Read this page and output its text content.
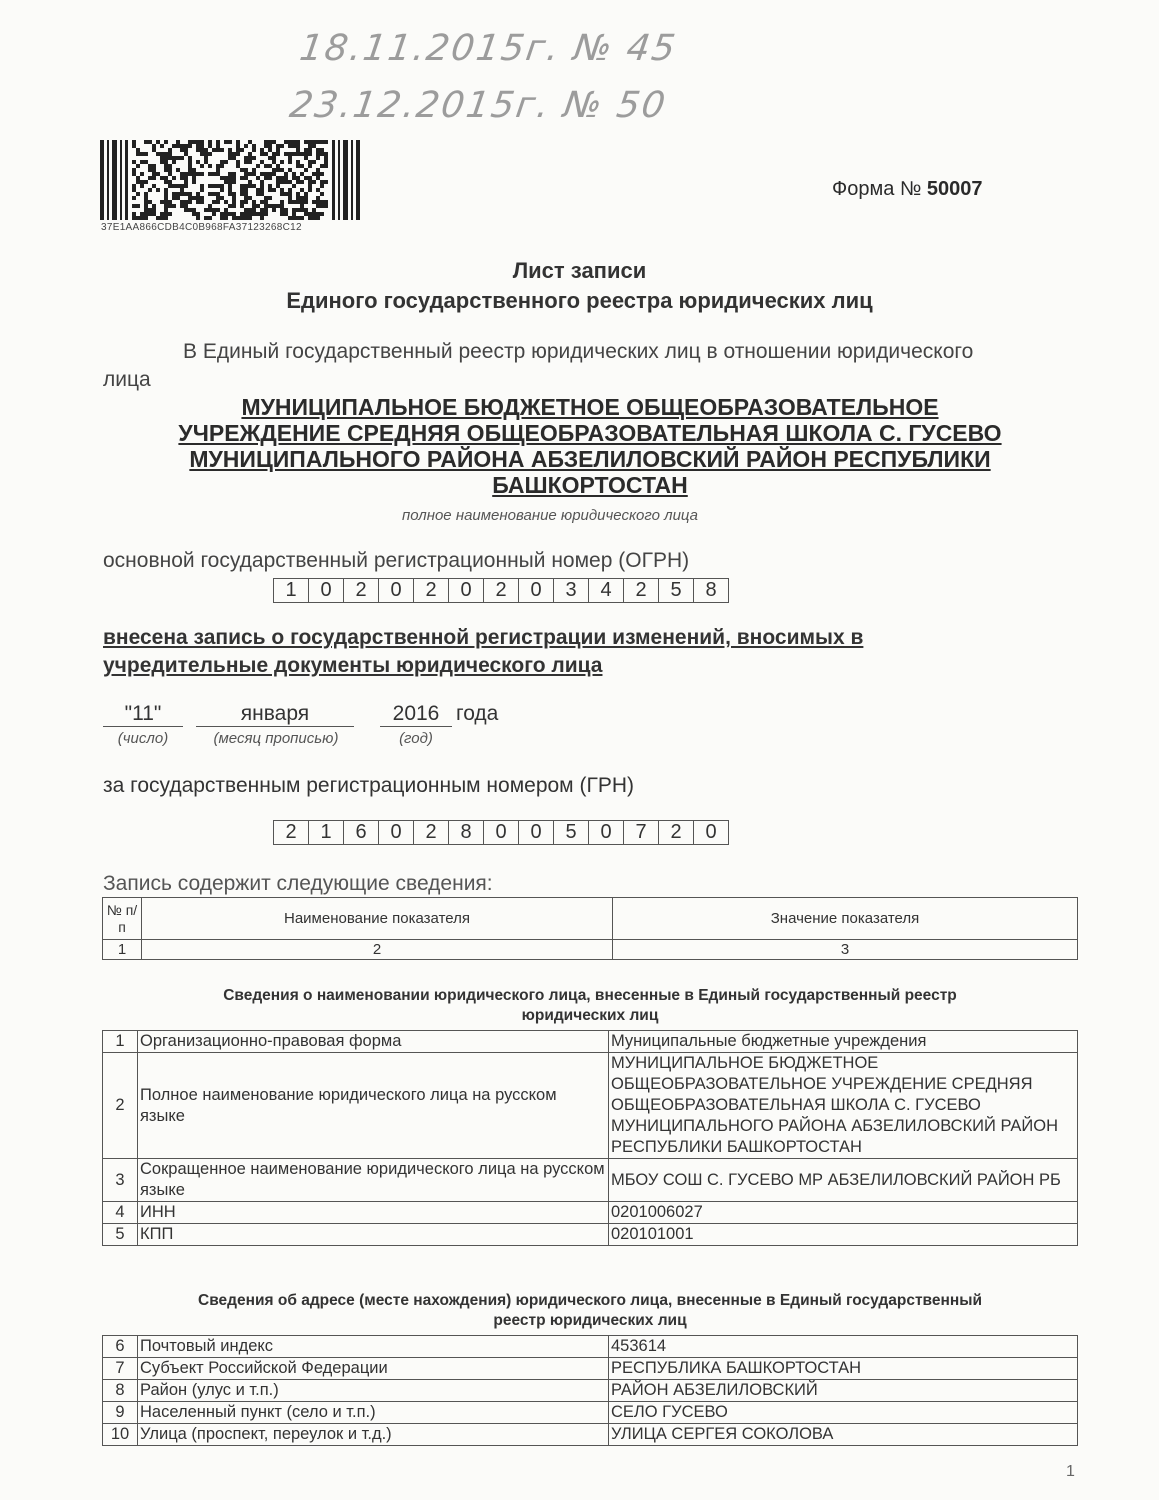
18.11.2015г. № 45
23.12.2015г. № 50
37E1AA866CDB4C0B968FA37123268C12
Форма № 50007
Лист записи
Единого государственного реестра юридических лиц
В Единый государственный реестр юридических лиц в отношении юридического
лица
МУНИЦИПАЛЬНОЕ БЮДЖЕТНОЕ ОБЩЕОБРАЗОВАТЕЛЬНОЕ
УЧРЕЖДЕНИЕ СРЕДНЯЯ ОБЩЕОБРАЗОВАТЕЛЬНАЯ ШКОЛА С. ГУСЕВО
МУНИЦИПАЛЬНОГО РАЙОНА АБЗЕЛИЛОВСКИЙ РАЙОН РЕСПУБЛИКИ
БАШКОРТОСТАН
полное наименование юридического лица
основной государственный регистрационный номер (ОГРН)
1	0	2	0	2	0	2	0	3	4	2	5	8
внесена запись о государственной регистрации изменений, вносимых в
учредительные документы юридического лица
"11"	января	2016 года
(число)	(месяц прописью)	(год)
за государственным регистрационным номером (ГРН)
2	1	6	0	2	8	0	0	5	0	7	2	0
Запись содержит следующие сведения:
№ п/п	Наименование показателя	Значение показателя
1	2	3
Сведения о наименовании юридического лица, внесенные в Единый государственный реестр
юридических лиц
1	Организационно-правовая форма	Муниципальные бюджетные учреждения
2	Полное наименование юридического лица на русском языке	МУНИЦИПАЛЬНОЕ БЮДЖЕТНОЕ ОБЩЕОБРАЗОВАТЕЛЬНОЕ УЧРЕЖДЕНИЕ СРЕДНЯЯ ОБЩЕОБРАЗОВАТЕЛЬНАЯ ШКОЛА С. ГУСЕВО МУНИЦИПАЛЬНОГО РАЙОНА АБЗЕЛИЛОВСКИЙ РАЙОН РЕСПУБЛИКИ БАШКОРТОСТАН
3	Сокращенное наименование юридического лица на русском языке	МБОУ СОШ С. ГУСЕВО МР АБЗЕЛИЛОВСКИЙ РАЙОН РБ
4	ИНН	0201006027
5	КПП	020101001
Сведения об адресе (месте нахождения) юридического лица, внесенные в Единый государственный
реестр юридических лиц
6	Почтовый индекс	453614
7	Субъект Российской Федерации	РЕСПУБЛИКА БАШКОРТОСТАН
8	Район (улус и т.п.)	РАЙОН АБЗЕЛИЛОВСКИЙ
9	Населенный пункт (село и т.п.)	СЕЛО ГУСЕВО
10	Улица (проспект, переулок и т.д.)	УЛИЦА СЕРГЕЯ СОКОЛОВА
1
